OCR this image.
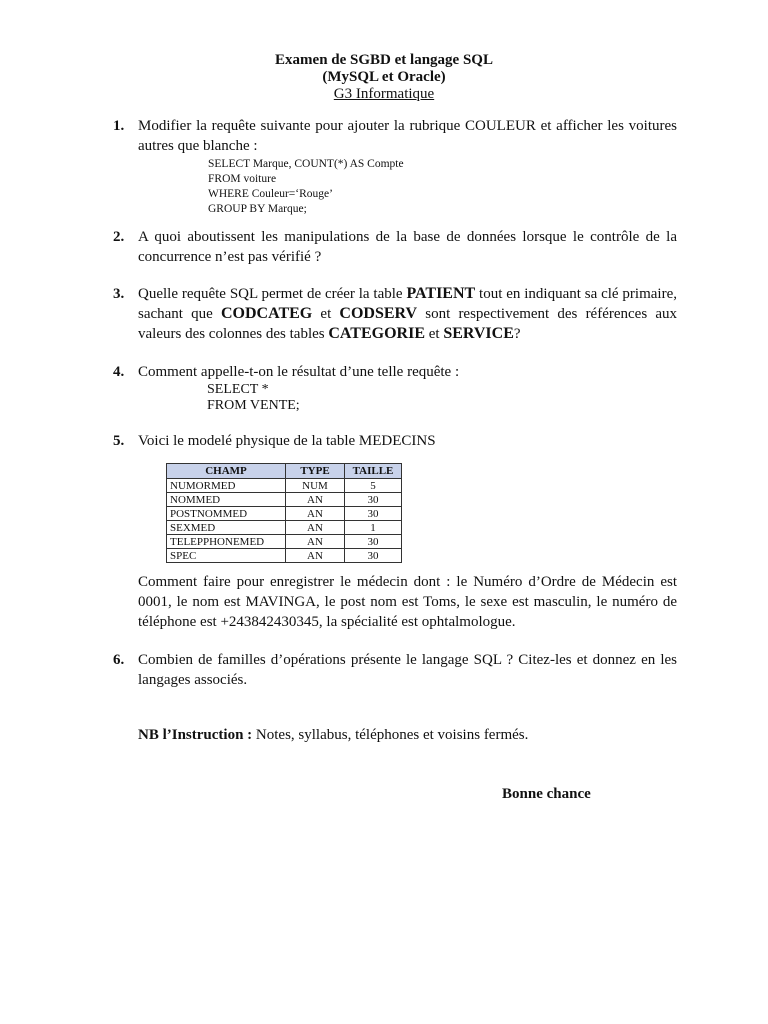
Examen de SGBD et langage SQL
(MySQL et Oracle)
G3 Informatique
1. Modifier la requête suivante pour ajouter la rubrique COULEUR et afficher les voitures autres que blanche :
SELECT Marque, COUNT(*) AS Compte
FROM voiture
WHERE Couleur=‘Rouge’
GROUP BY Marque;
2. A quoi aboutissent les manipulations de la base de données lorsque le contrôle de la concurrence n’est pas vérifié ?
3. Quelle requête SQL permet de créer la table PATIENT tout en indiquant sa clé primaire, sachant que CODCATEG et CODSERV sont respectivement des références aux valeurs des colonnes des tables CATEGORIE et SERVICE?
4. Comment appelle-t-on le résultat d’une telle requête :
SELECT *
FROM VENTE;
5. Voici le modelé physique de la table MEDECINS
CHAMP	TYPE	TAILLE
NUMORMED	NUM	5
NOMMED	AN	30
POSTNOMMED	AN	30
SEXMED	AN	1
TELEPPHONEMED	AN	30
SPEC	AN	30
Comment faire pour enregistrer le médecin dont : le Numéro d’Ordre de Médecin est 0001, le nom est MAVINGA, le post nom est Toms, le sexe est masculin, le numéro de téléphone est +243842430345, la spécialité est ophtalmologue.
6. Combien de familles d’opérations présente le langage SQL ? Citez-les et donnez en les langages associés.
NB l’Instruction : Notes, syllabus, téléphones et voisins fermés.
Bonne chance
